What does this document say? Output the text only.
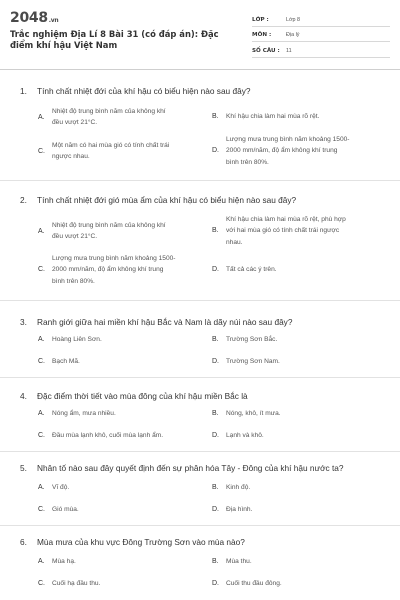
2048.vn
Trắc nghiệm Địa Lí 8 Bài 31 (có đáp án): Đặc điểm khí hậu Việt Nam
LỚP :	Lớp 8
MÔN :	Địa lý
SỐ CÂU :	11
1. Tính chất nhiệt đới của khí hậu có biểu hiện nào sau đây?
A.
Nhiệt độ trung bình năm của không khí
đều vượt 21°C.
B.	Khí hậu chia làm hai mùa rõ rệt.
C.
Một năm có hai mùa gió có tính chất trái
ngược nhau.
D.
Lượng mưa trung bình năm khoảng 1500-
2000 mm/năm, độ ẩm không khí trung
bình trên 80%.
2. Tính chất nhiệt đới gió mùa ẩm của khí hậu có biểu hiện nào sau đây?
A.
Nhiệt độ trung bình năm của không khí
đều vượt 21°C.
B.
Khí hậu chia làm hai mùa rõ rệt, phù hợp
với hai mùa gió có tính chất trái ngược
nhau.
C.
Lượng mưa trung bình năm khoảng 1500-
2000 mm/năm, độ ẩm không khí trung
bình trên 80%.
D.	Tất cả các ý trên.
3. Ranh giới giữa hai miền khí hậu Bắc và Nam là dãy núi nào sau đây?
A.	Hoàng Liên Sơn.	B.	Trường Sơn Bắc.
C.	Bạch Mã.	D.	Trường Sơn Nam.
4. Đặc điểm thời tiết vào mùa đông của khí hậu miền Bắc là
A.	Nóng ẩm, mưa nhiều.	B.	Nóng, khô, ít mưa.
C.	Đầu mùa lạnh khô, cuối mùa lạnh ẩm.	D.	Lạnh và khô.
5. Nhân tố nào sau đây quyết định đến sự phân hóa Tây - Đông của khí hậu nước ta?
A.	Vĩ độ.	B.	Kinh độ.
C.	Gió mùa.	D.	Địa hình.
6. Mùa mưa của khu vực Đông Trường Sơn vào mùa nào?
A.	Mùa hạ.	B.	Mùa thu.
C.	Cuối hạ đầu thu.	D.	Cuối thu đầu đông.
